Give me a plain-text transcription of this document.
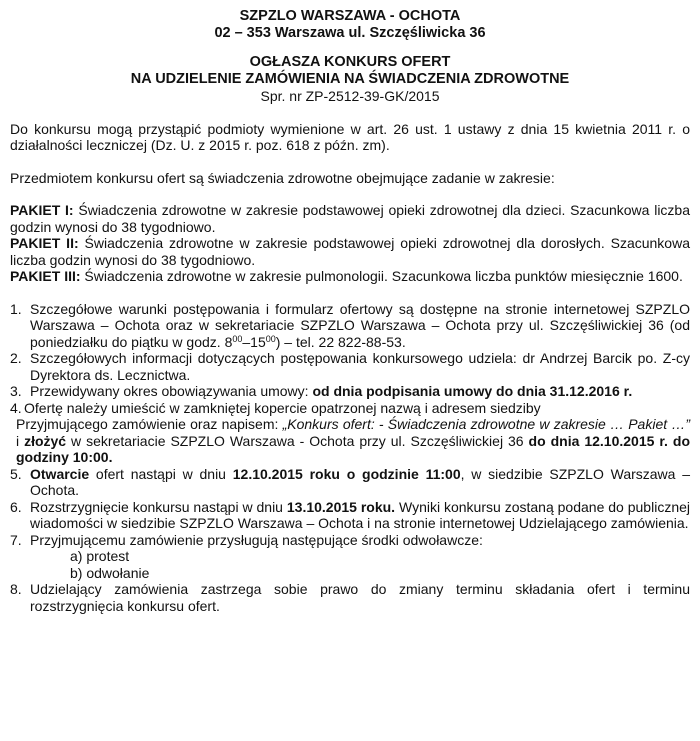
SZPZLO WARSZAWA - OCHOTA
02 – 353 Warszawa ul. Szczęśliwicka 36
OGŁASZA KONKURS OFERT
NA UDZIELENIE ZAMÓWIENIA NA ŚWIADCZENIA ZDROWOTNE
Spr. nr ZP-2512-39-GK/2015

Do konkursu mogą przystąpić podmioty wymienione w art. 26 ust. 1 ustawy z dnia 15 kwietnia 2011 r. o działalności leczniczej (Dz. U. z 2015 r. poz. 618 z późn. zm).

Przedmiotem konkursu ofert są świadczenia zdrowotne obejmujące zadanie w zakresie:

PAKIET I: Świadczenia zdrowotne w zakresie podstawowej opieki zdrowotnej dla dzieci. Szacunkowa liczba godzin wynosi do 38 tygodniowo.

PAKIET II: Świadczenia zdrowotne w zakresie podstawowej opieki zdrowotnej dla dorosłych. Szacunkowa liczba godzin wynosi do 38 tygodniowo.

PAKIET III: Świadczenia zdrowotne w zakresie pulmonologii. Szacunkowa liczba punktów miesięcznie 1600.

1. Szczegółowe warunki postępowania i formularz ofertowy są dostępne na stronie internetowej SZPZLO Warszawa – Ochota oraz w sekretariacie SZPZLO Warszawa – Ochota przy ul. Szczęśliwickiej 36 (od poniedziałku do piątku w godz. $8^{00}-15^{00}$) – tel. 22 822-88-53.
2. Szczegółowych informacji dotyczących postępowania konkursowego udziela: dr Andrzej Barcik po. Z-cy Dyrektora ds. Lecznictwa.
3. Przewidywany okres obowiązywania umowy: od dnia podpisania umowy do dnia 31.12.2016 r.
4. Ofertę należy umieścić w zamkniętej kopercie opatrzonej nazwą i adresem siedziby
Przyjmującego zamówienie oraz napisem: „Konkurs ofert: - Świadczenia zdrowotne w zakresie … Pakiet …” i złożyć w sekretariacie SZPZLO Warszawa - Ochota przy ul. Szczęśliwickiej 36 do dnia 12.10.2015 r. do godziny 10:00.
5. Otwarcie ofert nastąpi w dniu 12.10.2015 roku o godzinie 11:00, w siedzibie SZPZLO Warszawa – Ochota.
6. Rozstrzygnięcie konkursu nastąpi w dniu 13.10.2015 roku. Wyniki konkursu zostaną podane do publicznej wiadomości w siedzibie SZPZLO Warszawa – Ochota i na stronie internetowej Udzielającego zamówienia.
7. Przyjmującemu zamówienie przysługują następujące środki odwoławcze:
a) protest
b) odwołanie
8. Udzielający zamówienia zastrzega sobie prawo do zmiany terminu składania ofert i terminu rozstrzygnięcia konkursu ofert.
